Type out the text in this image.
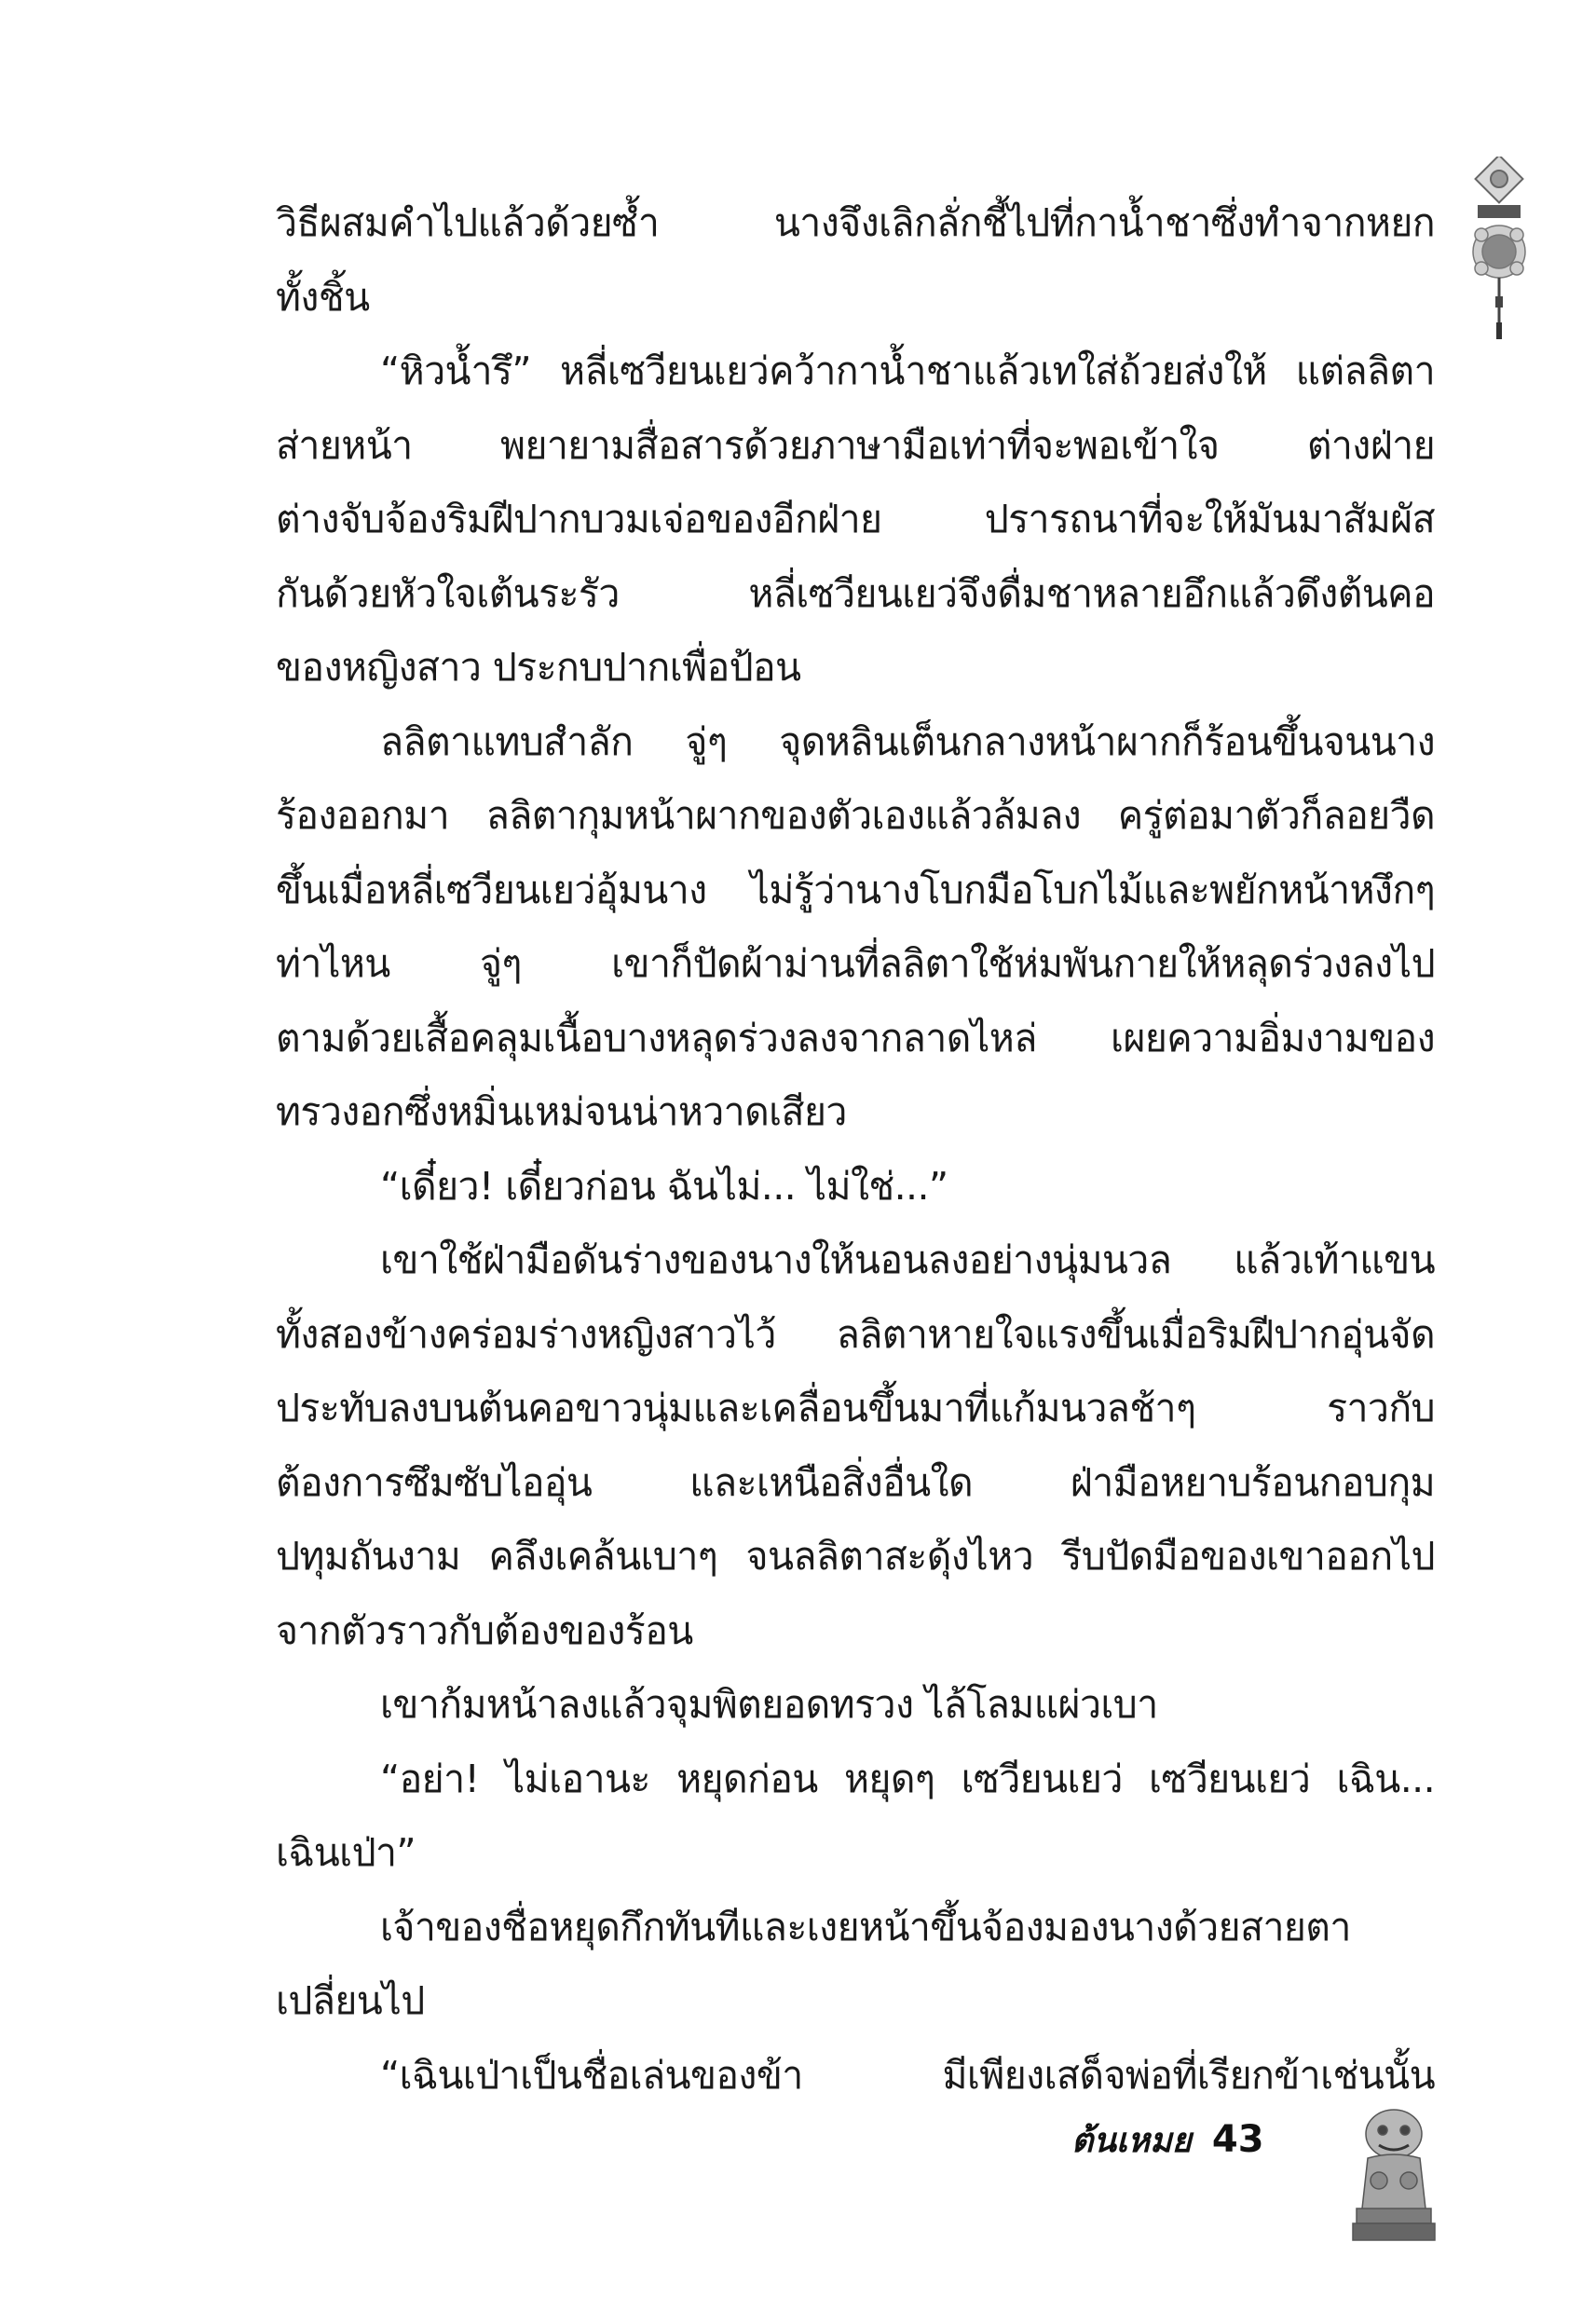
วิธีผสมคำไปแล้วด้วยซ้ำ นางจึงเลิกลั่กชี้ไปที่กาน้ำชาซึ่งทำจากหยก
ทั้งชิ้น
“หิวน้ำรึ” หลี่เซวียนเยว่คว้ากาน้ำชาแล้วเทใส่ถ้วยส่งให้ แต่ลลิตา
ส่ายหน้า พยายามสื่อสารด้วยภาษามือเท่าที่จะพอเข้าใจ ต่างฝ่าย
ต่างจับจ้องริมฝีปากบวมเจ่อของอีกฝ่าย ปรารถนาที่จะให้มันมาสัมผัส
กันด้วยหัวใจเต้นระรัว หลี่เซวียนเยว่จึงดื่มชาหลายอึกแล้วดึงต้นคอ
ของหญิงสาว ประกบปากเพื่อป้อน
ลลิตาแทบสำลัก จู่ๆ จุดหลินเต็นกลางหน้าผากก็ร้อนขึ้นจนนาง
ร้องออกมา ลลิตากุมหน้าผากของตัวเองแล้วล้มลง ครู่ต่อมาตัวก็ลอยวืด
ขึ้นเมื่อหลี่เซวียนเยว่อุ้มนาง ไม่รู้ว่านางโบกมือโบกไม้และพยักหน้าหงึกๆ
ท่าไหน จู่ๆ เขาก็ปัดผ้าม่านที่ลลิตาใช้ห่มพันกายให้หลุดร่วงลงไป
ตามด้วยเสื้อคลุมเนื้อบางหลุดร่วงลงจากลาดไหล่ เผยความอิ่มงามของ
ทรวงอกซึ่งหมิ่นเหม่จนน่าหวาดเสียว
“เดี๋ยว! เดี๋ยวก่อน ฉันไม่... ไม่ใช่...”
เขาใช้ฝ่ามือดันร่างของนางให้นอนลงอย่างนุ่มนวล แล้วเท้าแขน
ทั้งสองข้างคร่อมร่างหญิงสาวไว้ ลลิตาหายใจแรงขึ้นเมื่อริมฝีปากอุ่นจัด
ประทับลงบนต้นคอขาวนุ่มและเคลื่อนขึ้นมาที่แก้มนวลช้าๆ ราวกับ
ต้องการซึมซับไออุ่น และเหนือสิ่งอื่นใด ฝ่ามือหยาบร้อนกอบกุม
ปทุมถันงาม คลึงเคล้นเบาๆ จนลลิตาสะดุ้งไหว รีบปัดมือของเขาออกไป
จากตัวราวกับต้องของร้อน
เขาก้มหน้าลงแล้วจุมพิตยอดทรวง ไล้โลมแผ่วเบา
“อย่า! ไม่เอานะ หยุดก่อน หยุดๆ เซวียนเยว่ เซวียนเยว่ เฉิน...
เฉินเป่า”
เจ้าของชื่อหยุดกึกทันทีและเงยหน้าขึ้นจ้องมองนางด้วยสายตา
เปลี่ยนไป
“เฉินเป่าเป็นชื่อเล่นของข้า มีเพียงเสด็จพ่อที่เรียกข้าเช่นนั้น
ต้นเหมย 43
